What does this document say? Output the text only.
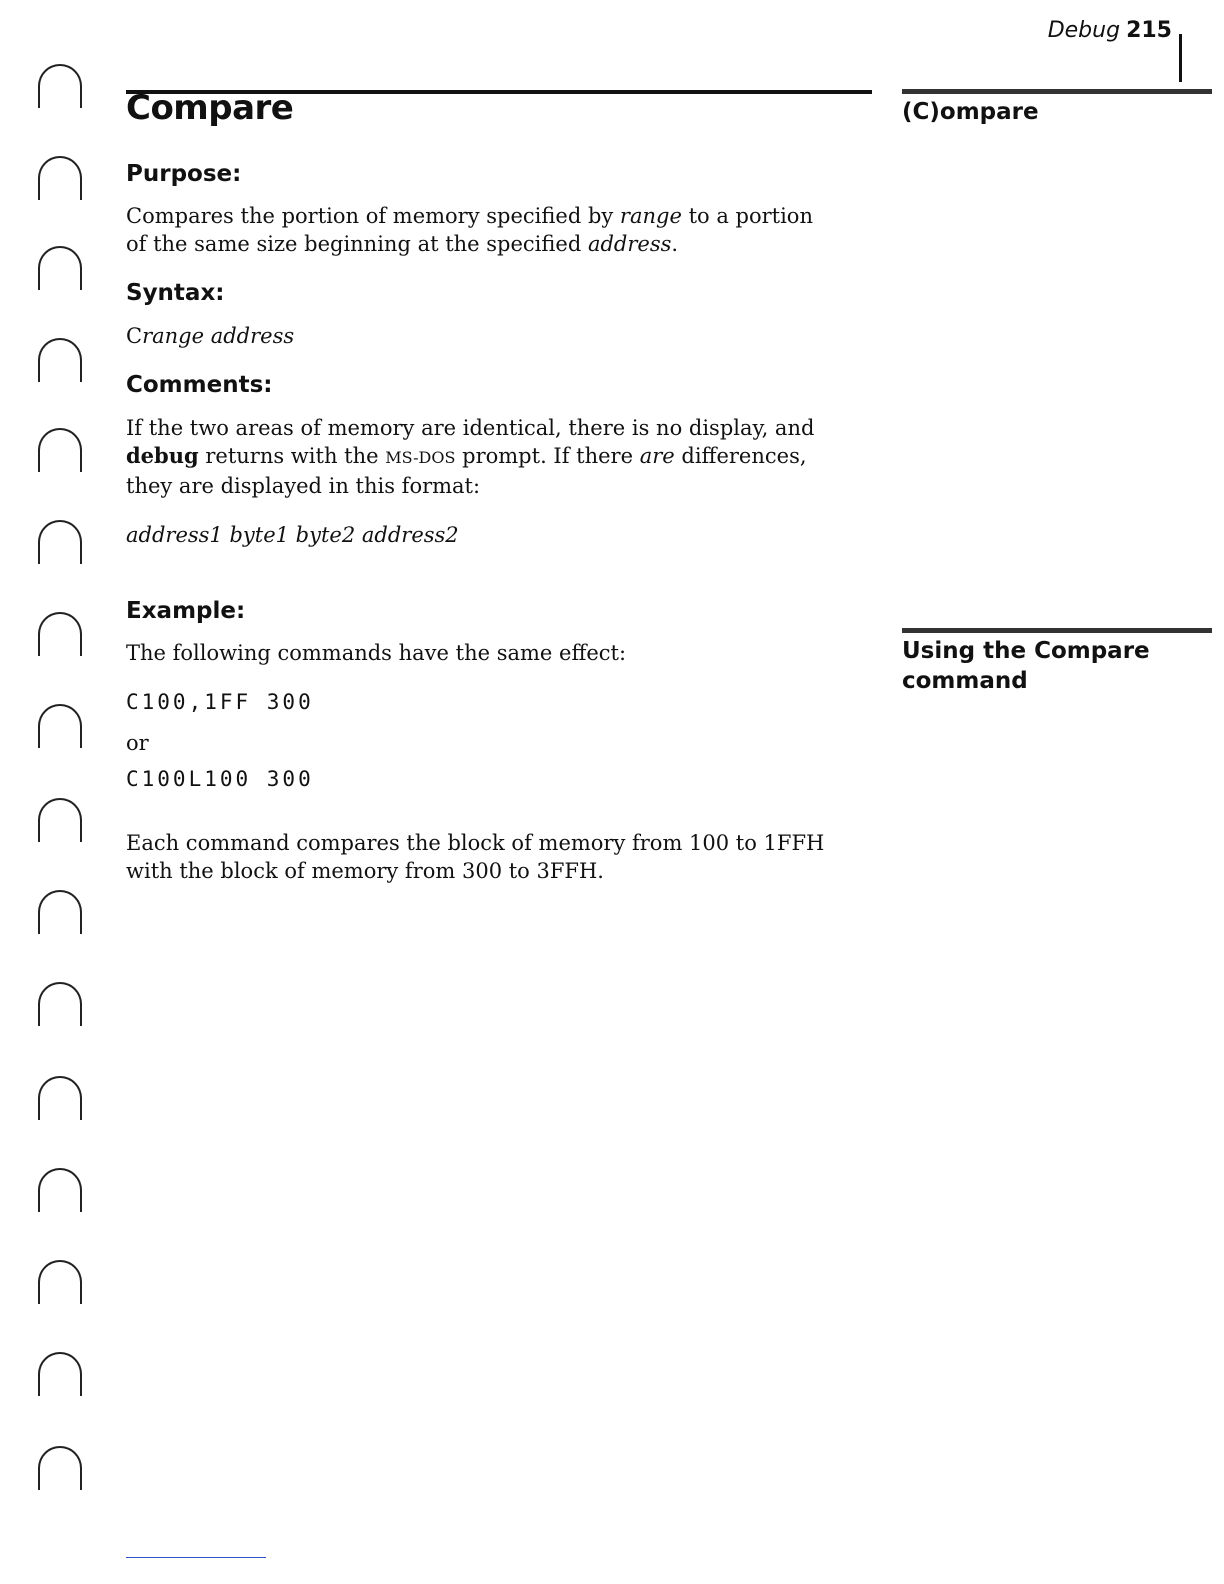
Debug 215
Compare	(C)ompare
Using the Compare
command
Purpose:
Compares the portion of memory specified by range to a portion
of the same size beginning at the specified address.
Syntax:
Crange address
Comments:
If the two areas of memory are identical, there is no display, and
debug returns with the MS-DOS prompt. If there are differences,
they are displayed in this format:
address1 byte1 byte2 address2
Example:
The following commands have the same effect:
C100,1FF 300
or
C100L100 300
Each command compares the block of memory from 100 to 1FFH
with the block of memory from 300 to 3FFH.
